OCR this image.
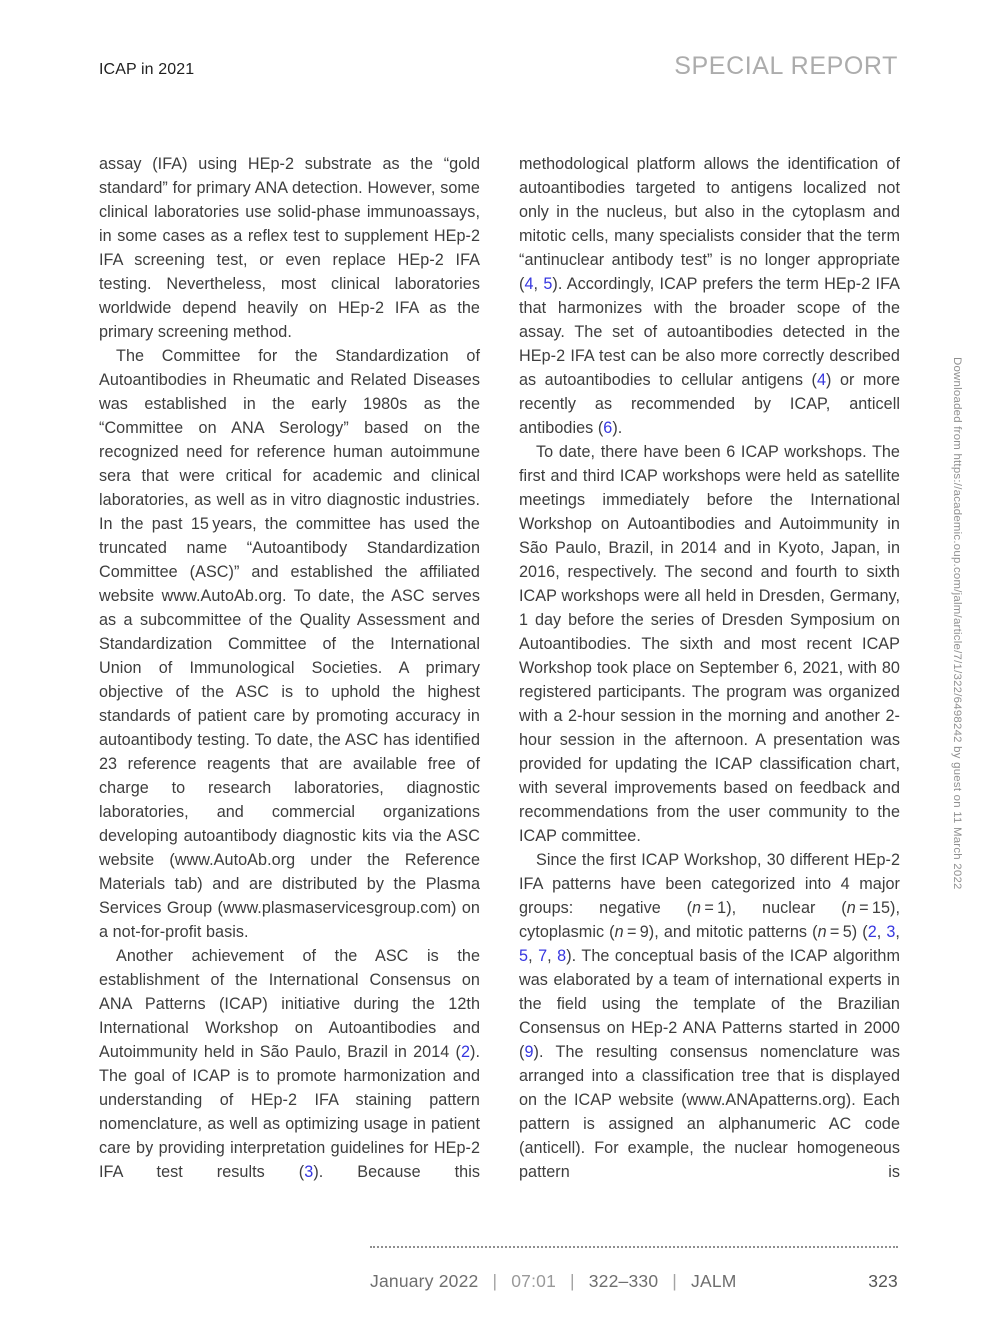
ICAP in 2021	SPECIAL REPORT

assay (IFA) using HEp-2 substrate as the “gold standard” for primary ANA detection. However, some clinical laboratories use solid-phase immunoassays, in some cases as a reflex test to supplement HEp-2 IFA screening test, or even replace HEp-2 IFA testing. Nevertheless, most clinical laboratories worldwide depend heavily on HEp-2 IFA as the primary screening method.

The Committee for the Standardization of Autoantibodies in Rheumatic and Related Diseases was established in the early 1980s as the “Committee on ANA Serology” based on the recognized need for reference human autoimmune sera that were critical for academic and clinical laboratories, as well as in vitro diagnostic industries. In the past 15 years, the committee has used the truncated name “Autoantibody Standardization Committee (ASC)” and established the affiliated website www.AutoAb.org. To date, the ASC serves as a subcommittee of the Quality Assessment and Standardization Committee of the International Union of Immunological Societies. A primary objective of the ASC is to uphold the highest standards of patient care by promoting accuracy in autoantibody testing. To date, the ASC has identified 23 reference reagents that are available free of charge to research laboratories, diagnostic laboratories, and commercial organizations developing autoantibody diagnostic kits via the ASC website (www.AutoAb.org under the Reference Materials tab) and are distributed by the Plasma Services Group (www.plasmaservicesgroup.com) on a not-for-profit basis.

Another achievement of the ASC is the establishment of the International Consensus on ANA Patterns (ICAP) initiative during the 12th International Workshop on Autoantibodies and Autoimmunity held in São Paulo, Brazil in 2014 (2). The goal of ICAP is to promote harmonization and understanding of HEp-2 IFA staining pattern nomenclature, as well as optimizing usage in patient care by providing interpretation guidelines for HEp-2 IFA test results (3). Because this

methodological platform allows the identification of autoantibodies targeted to antigens localized not only in the nucleus, but also in the cytoplasm and mitotic cells, many specialists consider that the term “antinuclear antibody test” is no longer appropriate (4, 5). Accordingly, ICAP prefers the term HEp-2 IFA that harmonizes with the broader scope of the assay. The set of autoantibodies detected in the HEp-2 IFA test can be also more correctly described as autoantibodies to cellular antigens (4) or more recently as recommended by ICAP, anticell antibodies (6).

To date, there have been 6 ICAP workshops. The first and third ICAP workshops were held as satellite meetings immediately before the International Workshop on Autoantibodies and Autoimmunity in São Paulo, Brazil, in 2014 and in Kyoto, Japan, in 2016, respectively. The second and fourth to sixth ICAP workshops were all held in Dresden, Germany, 1 day before the series of Dresden Symposium on Autoantibodies. The sixth and most recent ICAP Workshop took place on September 6, 2021, with 80 registered participants. The program was organized with a 2-hour session in the morning and another 2-hour session in the afternoon. A presentation was provided for updating the ICAP classification chart, with several improvements based on feedback and recommendations from the user community to the ICAP committee.

Since the first ICAP Workshop, 30 different HEp-2 IFA patterns have been categorized into 4 major groups: negative (n = 1), nuclear (n = 15), cytoplasmic (n = 9), and mitotic patterns (n = 5) (2, 3, 5, 7, 8). The conceptual basis of the ICAP algorithm was elaborated by a team of international experts in the field using the template of the Brazilian Consensus on HEp-2 ANA Patterns started in 2000 (9). The resulting consensus nomenclature was arranged into a classification tree that is displayed on the ICAP website (www.ANApatterns.org). Each pattern is assigned an alphanumeric AC code (anticell). For example, the nuclear homogeneous pattern is

Downloaded from https://academic.oup.com/jalm/article/7/1/322/6498242 by guest on 11 March 2022
January 2022 | 07:01 | 322–330 | JALM	323
